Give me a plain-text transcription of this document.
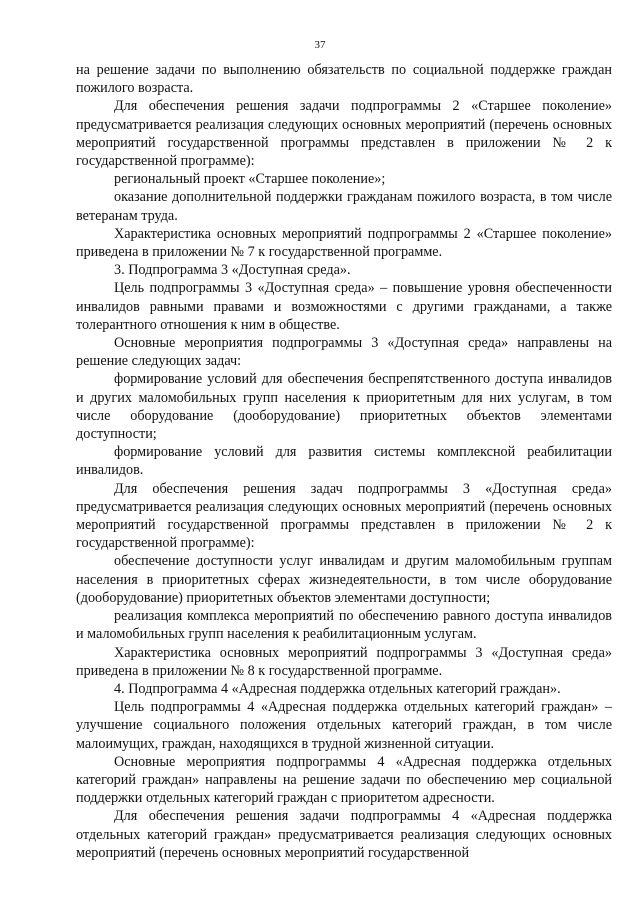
37

на решение задачи по выполнению обязательств по социальной поддержке граждан пожилого возраста.

Для обеспечения решения задачи подпрограммы 2 «Старшее поколение» предусматривается реализация следующих основных мероприятий (перечень основных мероприятий государственной программы представлен в приложении № 2 к государственной программе):

региональный проект «Старшее поколение»;

оказание дополнительной поддержки гражданам пожилого возраста, в том числе ветеранам труда.

Характеристика основных мероприятий подпрограммы 2 «Старшее поколение» приведена в приложении № 7 к государственной программе.

3. Подпрограмма 3 «Доступная среда».

Цель подпрограммы 3 «Доступная среда» – повышение уровня обеспеченности инвалидов равными правами и возможностями с другими гражданами, а также толерантного отношения к ним в обществе.

Основные мероприятия подпрограммы 3 «Доступная среда» направлены на решение следующих задач:

формирование условий для обеспечения беспрепятственного доступа инвалидов и других маломобильных групп населения к приоритетным для них услугам, в том числе оборудование (дооборудование) приоритетных объектов элементами доступности;

формирование условий для развития системы комплексной реабилитации инвалидов.

Для обеспечения решения задач подпрограммы 3 «Доступная среда» предусматривается реализация следующих основных мероприятий (перечень основных мероприятий государственной программы представлен в приложении № 2 к государственной программе):

обеспечение доступности услуг инвалидам и другим маломобильным группам населения в приоритетных сферах жизнедеятельности, в том числе оборудование (дооборудование) приоритетных объектов элементами доступности;

реализация комплекса мероприятий по обеспечению равного доступа инвалидов и маломобильных групп населения к реабилитационным услугам.

Характеристика основных мероприятий подпрограммы 3 «Доступная среда» приведена в приложении № 8 к государственной программе.

4. Подпрограмма 4 «Адресная поддержка отдельных категорий граждан».

Цель подпрограммы 4 «Адресная поддержка отдельных категорий граждан» – улучшение социального положения отдельных категорий граждан, в том числе малоимущих, граждан, находящихся в трудной жизненной ситуации.

Основные мероприятия подпрограммы 4 «Адресная поддержка отдельных категорий граждан» направлены на решение задачи по обеспечению мер социальной поддержки отдельных категорий граждан с приоритетом адресности.

Для обеспечения решения задачи подпрограммы 4 «Адресная поддержка отдельных категорий граждан» предусматривается реализация следующих основных мероприятий (перечень основных мероприятий государственной
